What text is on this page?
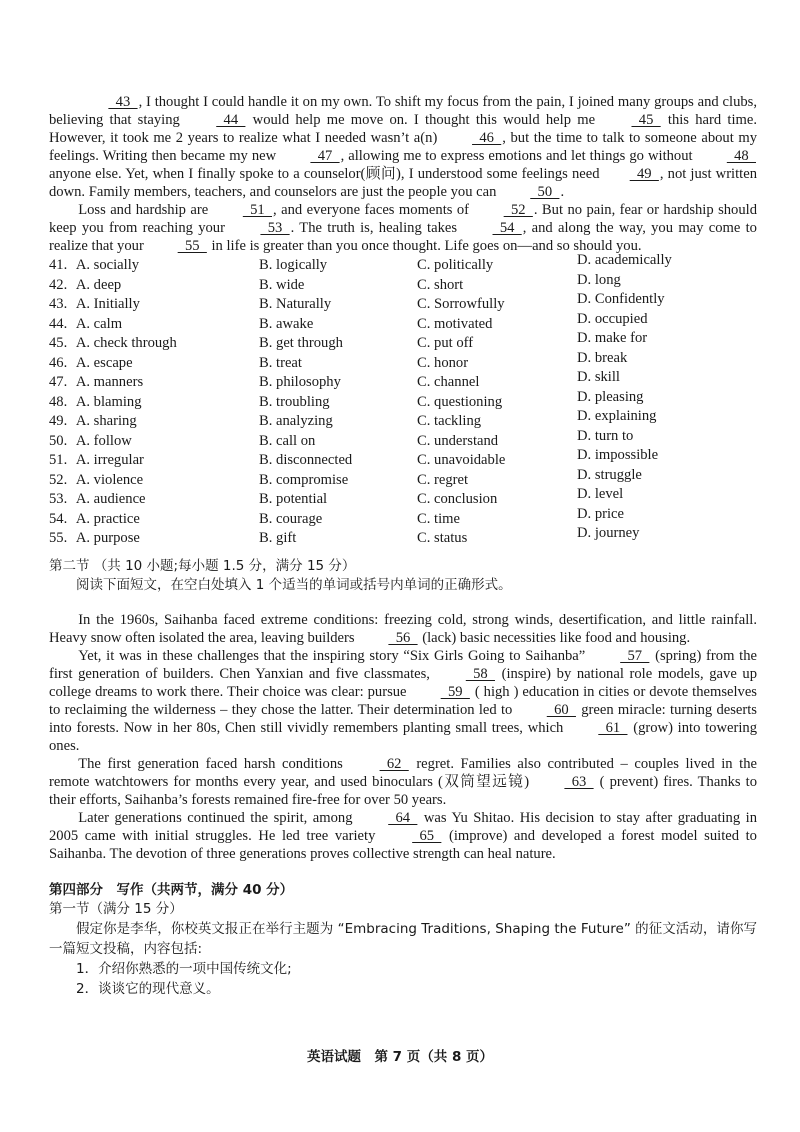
43  , I thought I could handle it on my own. To shift my focus from the pain, I joined many groups and clubs, believing that staying   44   would help me move on. I thought this would help me   45   this hard time. However, it took me 2 years to realize what I needed wasn’t a(n)   46  , but the time to talk to someone about my feelings. Writing then became my new   47  , allowing me to express emotions and let things go without   48   anyone else. Yet, when I finally spoke to a counselor(顾问), I understood some feelings need  49  , not just written down. Family members, teachers, and counselors are just the people you can   50  .

Loss and hardship are   51  , and everyone faces moments of   52  . But no pain, fear or hardship should keep you from reaching your   53  . The truth is, healing takes   54  , and along the way, you may come to realize that your   55   in life is greater than you once thought. Life goes on—and so should you.

41. A. socially	B. logically	C. politically	D. academically
42. A. deep	B. wide	C. short	D. long
43. A. Initially	B. Naturally	C. Sorrowfully	D. Confidently
44. A. calm	B. awake	C. motivated	D. occupied
45. A. check through	B. get through	C. put off	D. make for
46. A. escape	B. treat	C. honor	D. break
47. A. manners	B. philosophy	C. channel	D. skill
48. A. blaming	B. troubling	C. questioning	D. pleasing
49. A. sharing	B. analyzing	C. tackling	D. explaining
50. A. follow	B. call on	C. understand	D. turn to
51. A. irregular	B. disconnected	C. unavoidable	D. impossible
52. A. violence	B. compromise	C. regret	D. struggle
53. A. audience	B. potential	C. conclusion	D. level
54. A. practice	B. courage	C. time	D. price
55. A. purpose	B. gift	C. status	D. journey
第二节 （共 10 小题;每小题 1.5 分，满分 15 分）
阅读下面短文，在空白处填入 1 个适当的单词或括号内单词的正确形式。

In the 1960s, Saihanba faced extreme conditions: freezing cold, strong winds, desertification, and little rainfall. Heavy snow often isolated the area, leaving builders   56   (lack) basic necessities like food and housing.

Yet, it was in these challenges that the inspiring story “Six Girls Going to Saihanba”   57   (spring) from the first generation of builders. Chen Yanxian and five classmates,   58   (inspire) by national role models, gave up college dreams to work there. Their choice was clear: pursue   59   ( high ) education in cities or devote themselves to reclaiming the wilderness – they chose the latter. Their determination led to   60   green miracle: turning deserts into forests. Now in her 80s, Chen still vividly remembers planting small trees, which   61   (grow) into towering ones.

The first generation faced harsh conditions   62   regret. Families also contributed – couples lived in the remote watchtowers for months every year, and used binoculars (双筒望远镜)   63   ( prevent) fires. Thanks to their efforts, Saihanba’s forests remained fire-free for over 50 years.

Later generations continued the spirit, among   64   was Yu Shitao. His decision to stay after graduating in 2005 came with initial struggles. He led tree variety   65   (improve) and developed a forest model suited to Saihanba. The devotion of three generations proves collective strength can heal nature.

第四部分　写作（共两节，满分 40 分）
第一节（满分 15 分）
假定你是李华，你校英文报正在举行主题为 “Embracing Traditions, Shaping the Future” 的征文活动，请你写一篇短文投稿，内容包括:
1．介绍你熟悉的一项中国传统文化;
2．谈谈它的现代意义。
英语试题　第 7 页（共 8 页）
